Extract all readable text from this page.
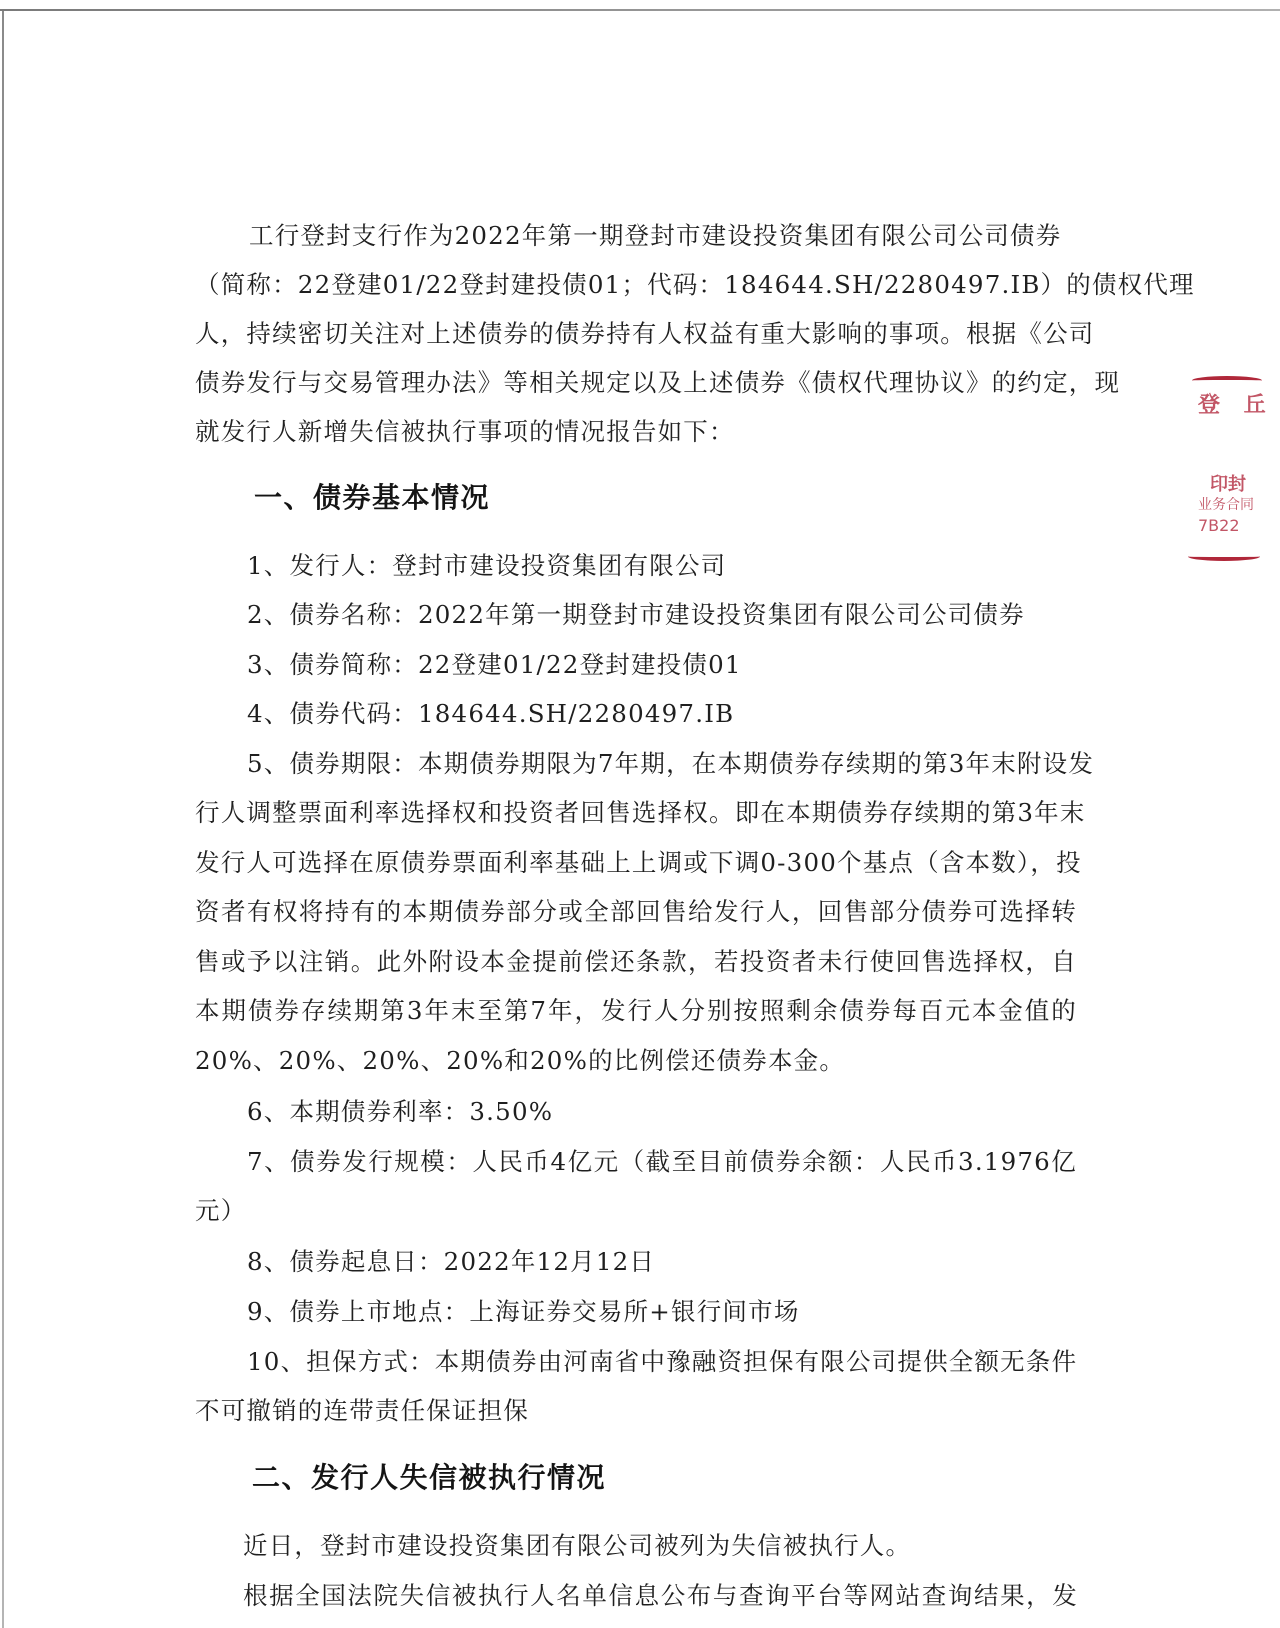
工行登封支行作为2022年第一期登封市建设投资集团有限公司公司债券
（简称：22登建01/22登封建投债01；代码：184644.SH/2280497.IB）的债权代理
人，持续密切关注对上述债券的债券持有人权益有重大影响的事项。根据《公司
债券发行与交易管理办法》等相关规定以及上述债券《债权代理协议》的约定，现
就发行人新增失信被执行事项的情况报告如下：
一、债券基本情况
1、发行人：登封市建设投资集团有限公司
2、债券名称：2022年第一期登封市建设投资集团有限公司公司债券
3、债券简称：22登建01/22登封建投债01
4、债券代码：184644.SH/2280497.IB
5、债券期限：本期债券期限为7年期，在本期债券存续期的第3年末附设发
行人调整票面利率选择权和投资者回售选择权。即在本期债券存续期的第3年末
发行人可选择在原债券票面利率基础上上调或下调0-300个基点（含本数），投
资者有权将持有的本期债券部分或全部回售给发行人，回售部分债券可选择转
售或予以注销。此外附设本金提前偿还条款，若投资者未行使回售选择权，自
本期债券存续期第3年末至第7年，发行人分别按照剩余债券每百元本金值的
20%、20%、20%、20%和20%的比例偿还债券本金。
6、本期债券利率：3.50%
7、债券发行规模：人民币4亿元（截至目前债券余额：人民币3.1976亿
元）
8、债券起息日：2022年12月12日
9、债券上市地点：上海证券交易所+银行间市场
10、担保方式：本期债券由河南省中豫融资担保有限公司提供全额无条件
不可撤销的连带责任保证担保
二、发行人失信被执行情况
近日，登封市建设投资集团有限公司被列为失信被执行人。
根据全国法院失信被执行人名单信息公布与查询平台等网站查询结果，发
登 丘
印封
业务合同
7B22
